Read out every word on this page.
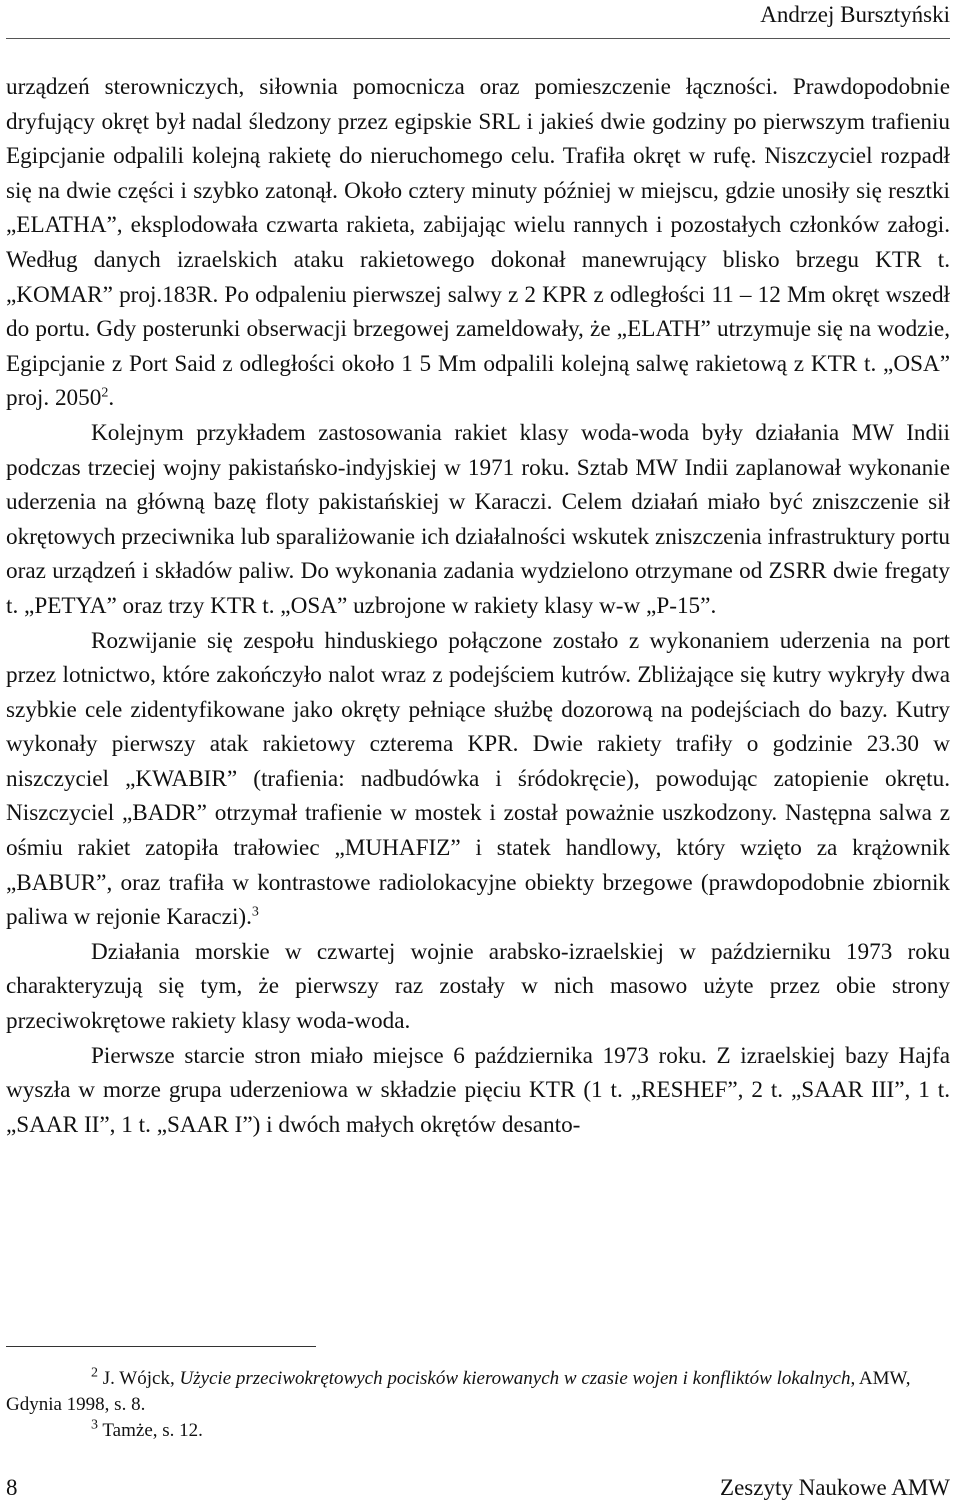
Andrzej Bursztyński

urządzeń sterowniczych, siłownia pomocnicza oraz pomieszczenie łączności. Prawdopodobnie dryfujący okręt był nadal śledzony przez egipskie SRL i jakieś dwie godziny po pierwszym trafieniu Egipcjanie odpalili kolejną rakietę do nieruchomego celu. Trafiła okręt w rufę. Niszczyciel rozpadł się na dwie części i szybko zatonął. Około cztery minuty później w miejscu, gdzie unosiły się resztki „ELATHA”, eksplodowała czwarta rakieta, zabijając wielu rannych i pozostałych członków załogi. Według danych izraelskich ataku rakietowego dokonał manewrujący blisko brzegu KTR t. „KOMAR” proj.183R. Po odpaleniu pierwszej salwy z 2 KPR z odległości 11 – 12 Mm okręt wszedł do portu. Gdy posterunki obserwacji brzegowej zameldowały, że „ELATH” utrzymuje się na wodzie, Egipcjanie z Port Said z odległości około 1 5 Mm odpalili kolejną salwę rakietową z KTR t. „OSA” proj. 2050$^2$.

Kolejnym przykładem zastosowania rakiet klasy woda-woda były działania MW Indii podczas trzeciej wojny pakistańsko-indyjskiej w 1971 roku. Sztab MW Indii zaplanował wykonanie uderzenia na główną bazę floty pakistańskiej w Karaczi. Celem działań miało być zniszczenie sił okrętowych przeciwnika lub sparaliżowanie ich działalności wskutek zniszczenia infrastruktury portu oraz urządzeń i składów paliw. Do wykonania zadania wydzielono otrzymane od ZSRR dwie fregaty t. „PETYA” oraz trzy KTR t. „OSA” uzbrojone w rakiety klasy w-w „P-15”.

Rozwijanie się zespołu hinduskiego połączone zostało z wykonaniem uderzenia na port przez lotnictwo, które zakończyło nalot wraz z podejściem kutrów. Zbliżające się kutry wykryły dwa szybkie cele zidentyfikowane jako okręty pełniące służbę dozorową na podejściach do bazy. Kutry wykonały pierwszy atak rakietowy czterema KPR. Dwie rakiety trafiły o godzinie 23.30 w niszczyciel „KWABIR” (trafienia: nadbudówka i śródokręcie), powodując zatopienie okrętu. Niszczyciel „BADR” otrzymał trafienie w mostek i został poważnie uszkodzony. Następna salwa z ośmiu rakiet zatopiła trałowiec „MUHAFIZ” i statek handlowy, który wzięto za krążownik „BABUR”, oraz trafiła w kontrastowe radiolokacyjne obiekty brzegowe (prawdopodobnie zbiornik paliwa w rejonie Karaczi).$^3$

Działania morskie w czwartej wojnie arabsko-izraelskiej w październiku 1973 roku charakteryzują się tym, że pierwszy raz zostały w nich masowo użyte przez obie strony przeciwokrętowe rakiety klasy woda-woda.

Pierwsze starcie stron miało miejsce 6 października 1973 roku. Z izraelskiej bazy Hajfa wyszła w morze grupa uderzeniowa w składzie pięciu KTR (1 t. „RESHEF”, 2 t. „SAAR III”, 1 t. „SAAR II”, 1 t. „SAAR I”) i dwóch małych okrętów desanto-

$^2$ J. Wójck, Użycie przeciwokrętowych pocisków kierowanych w czasie wojen i konfliktów lokalnych, AMW, Gdynia 1998, s. 8.

$^3$ Tamże, s. 12.

8	Zeszyty Naukowe AMW
